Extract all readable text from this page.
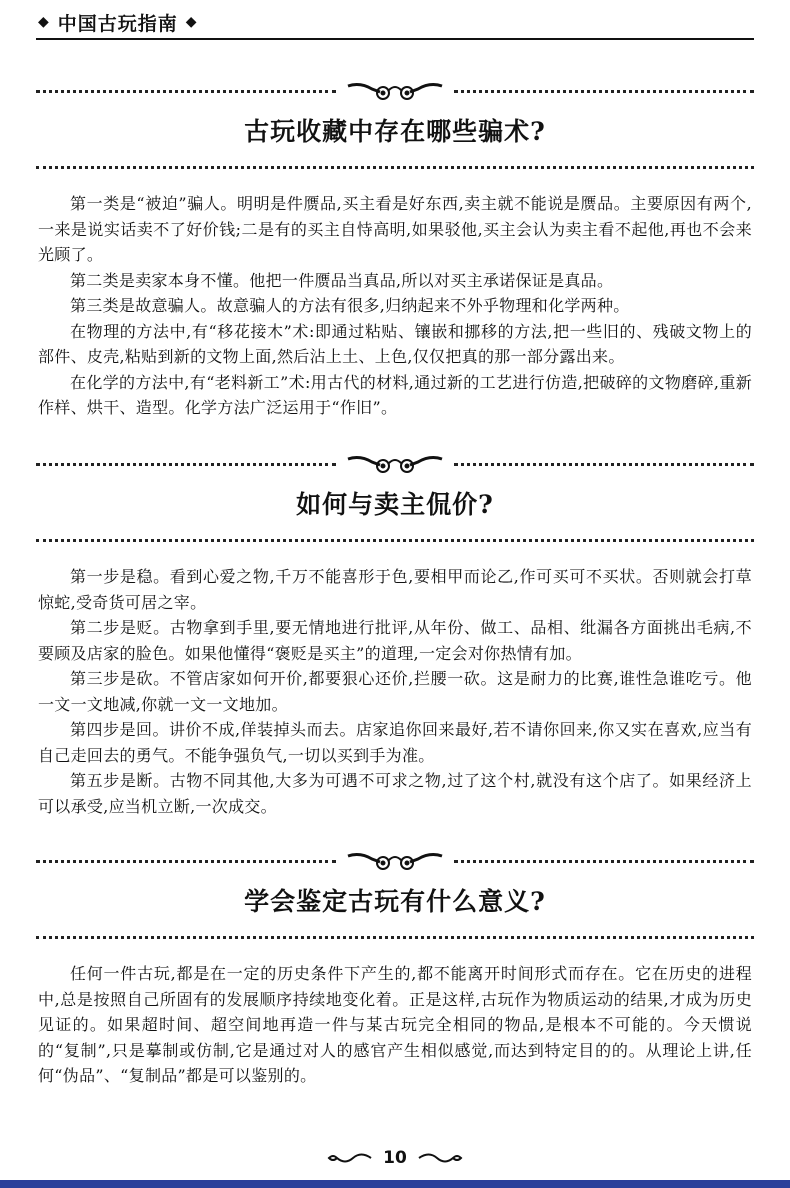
◆ 中国古玩指南 ◆
古玩收藏中存在哪些骗术?

第一类是“被迫”骗人。明明是件赝品,买主看是好东西,卖主就不能说是赝品。主要原因有两个,一来是说实话卖不了好价钱;二是有的买主自恃高明,如果驳他,买主会认为卖主看不起他,再也不会来光顾了。

第二类是卖家本身不懂。他把一件赝品当真品,所以对买主承诺保证是真品。

第三类是故意骗人。故意骗人的方法有很多,归纳起来不外乎物理和化学两种。

在物理的方法中,有“移花接木”术:即通过粘贴、镶嵌和挪移的方法,把一些旧的、残破文物上的部件、皮壳,粘贴到新的文物上面,然后沾上土、上色,仅仅把真的那一部分露出来。

在化学的方法中,有“老料新工”术:用古代的材料,通过新的工艺进行仿造,把破碎的文物磨碎,重新作样、烘干、造型。化学方法广泛运用于“作旧”。

如何与卖主侃价?

第一步是稳。看到心爱之物,千万不能喜形于色,要相甲而论乙,作可买可不买状。否则就会打草惊蛇,受奇货可居之宰。

第二步是贬。古物拿到手里,要无情地进行批评,从年份、做工、品相、纰漏各方面挑出毛病,不要顾及店家的脸色。如果他懂得“褒贬是买主”的道理,一定会对你热情有加。

第三步是砍。不管店家如何开价,都要狠心还价,拦腰一砍。这是耐力的比赛,谁性急谁吃亏。他一文一文地减,你就一文一文地加。

第四步是回。讲价不成,佯装掉头而去。店家追你回来最好,若不请你回来,你又实在喜欢,应当有自己走回去的勇气。不能争强负气,一切以买到手为准。

第五步是断。古物不同其他,大多为可遇不可求之物,过了这个村,就没有这个店了。如果经济上可以承受,应当机立断,一次成交。

学会鉴定古玩有什么意义?

任何一件古玩,都是在一定的历史条件下产生的,都不能离开时间形式而存在。它在历史的进程中,总是按照自己所固有的发展顺序持续地变化着。正是这样,古玩作为物质运动的结果,才成为历史见证的。如果超时间、超空间地再造一件与某古玩完全相同的物品,是根本不可能的。今天惯说的“复制”,只是摹制或仿制,它是通过对人的感官产生相似感觉,而达到特定目的的。从理论上讲,任何“伪品”、“复制品”都是可以鉴别的。

10
